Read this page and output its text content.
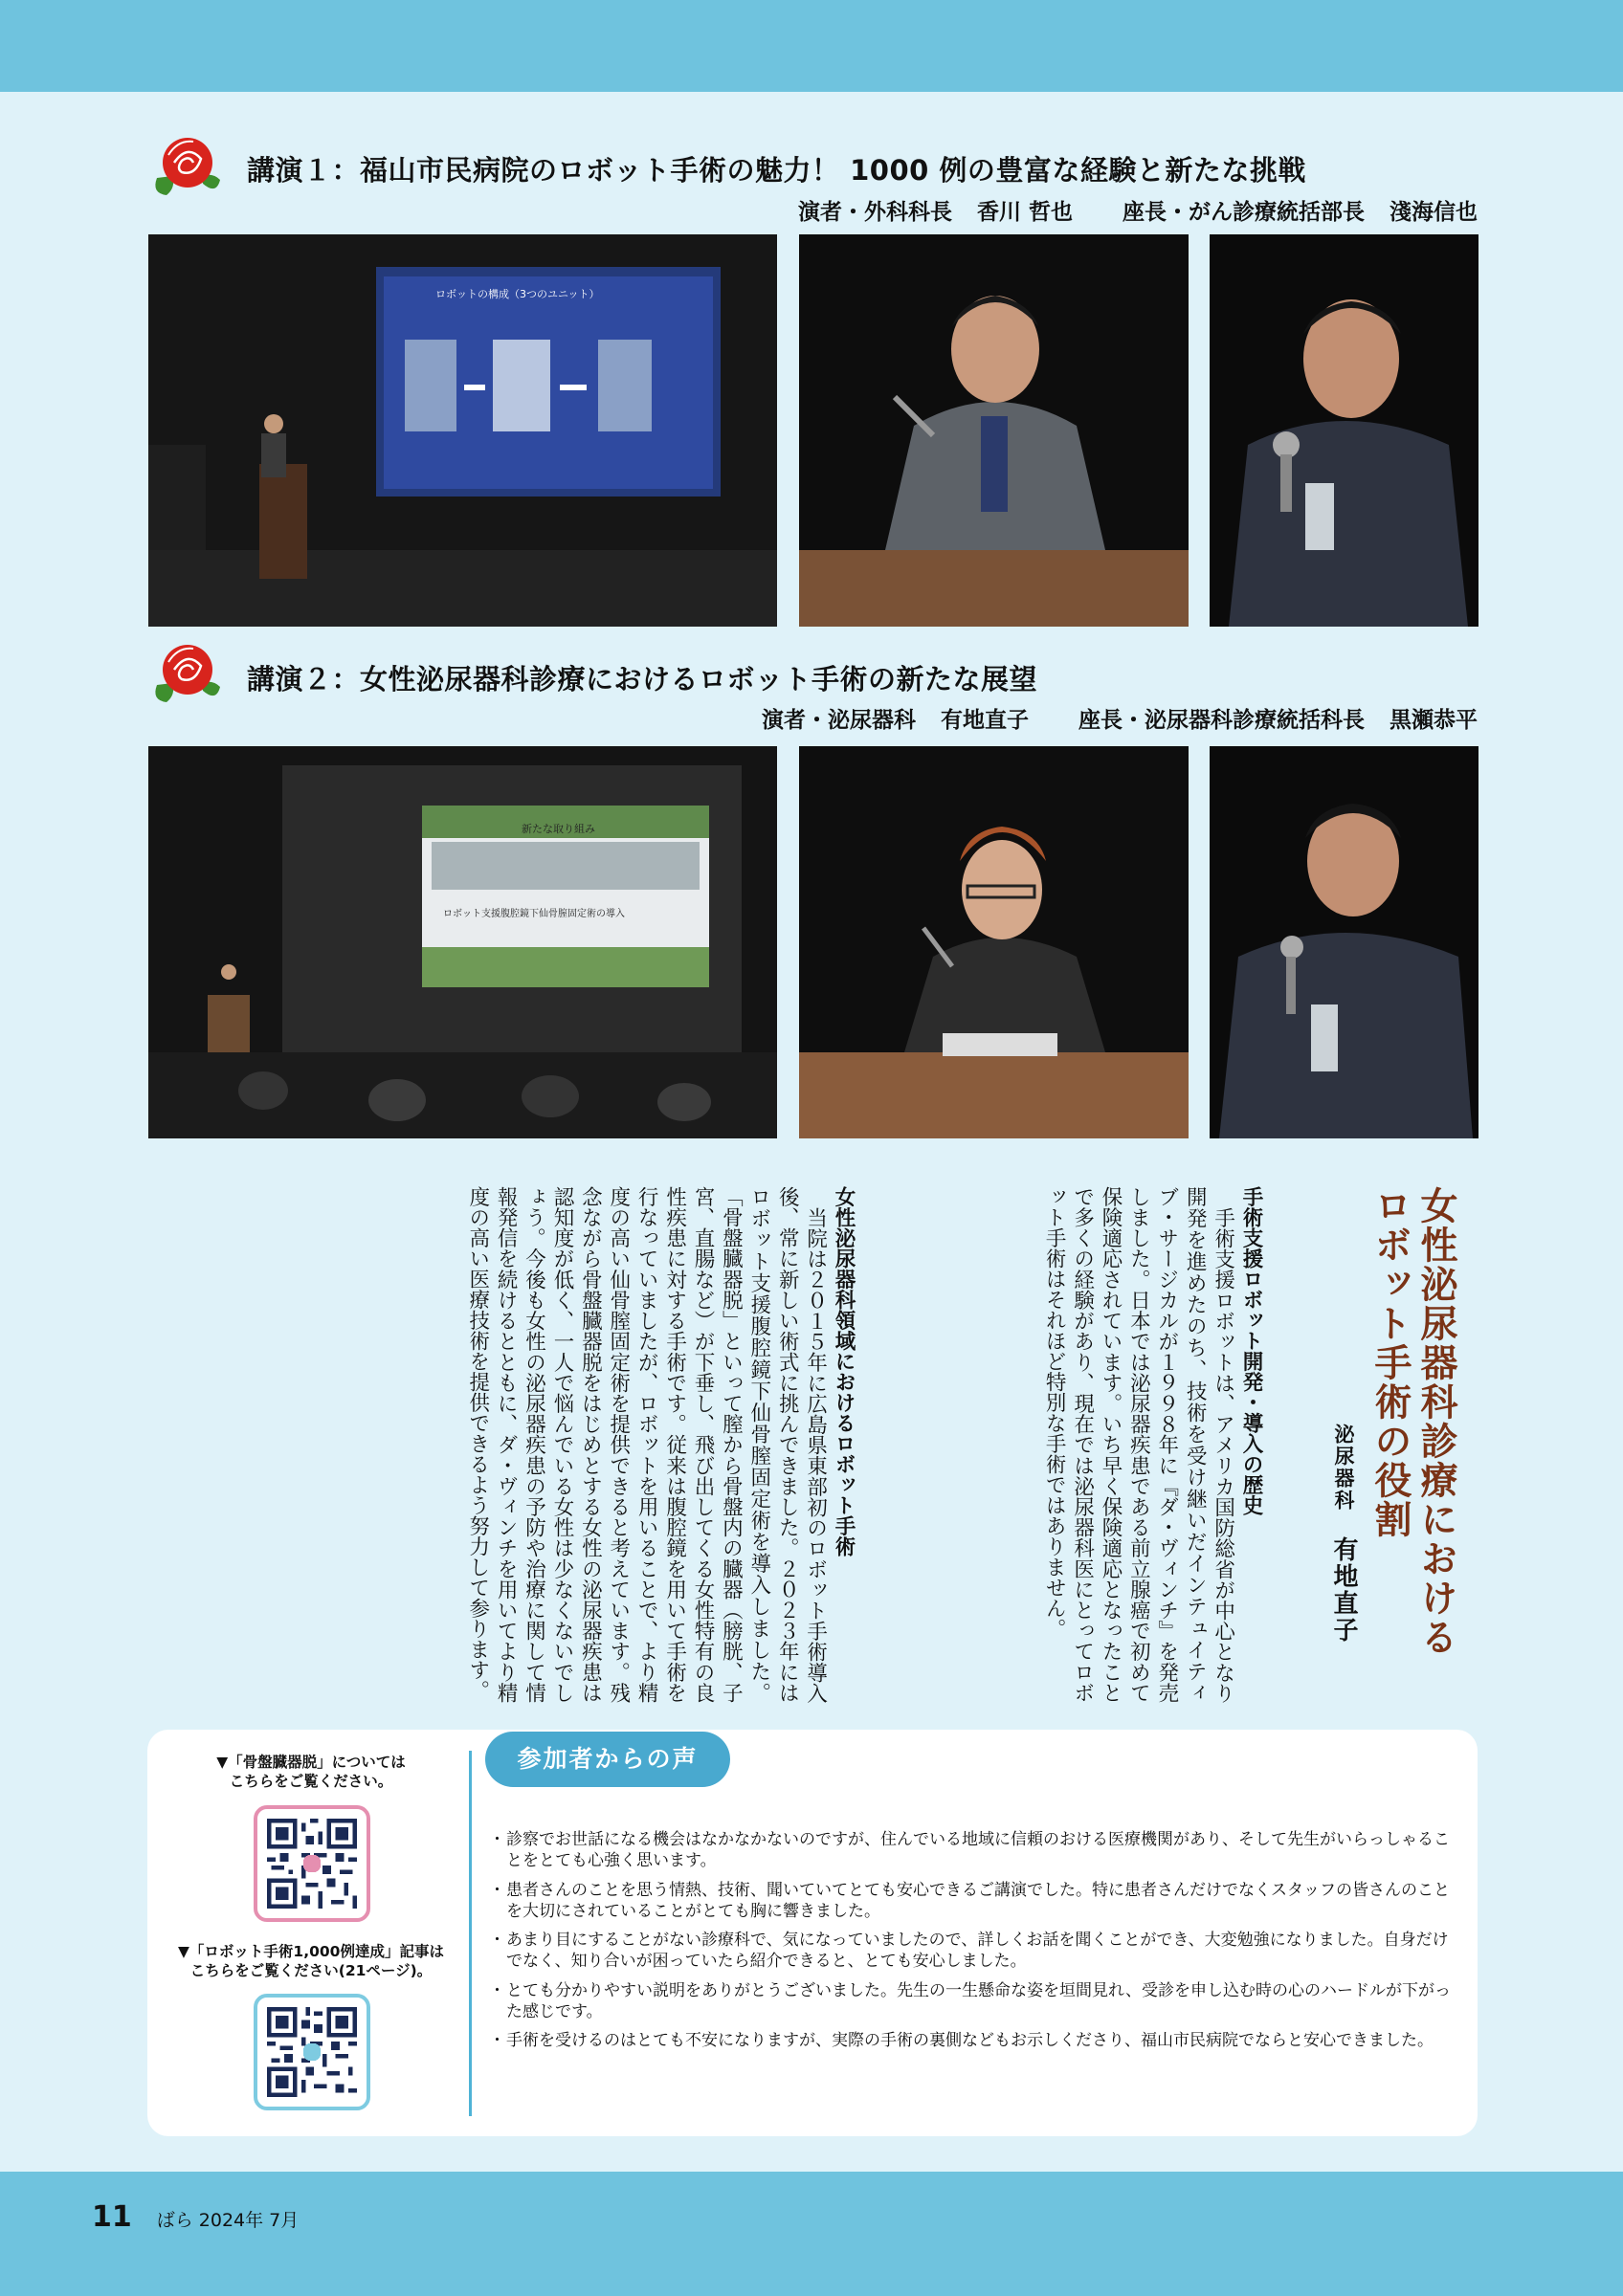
講演１：福山市民病院のロボット手術の魅力！ 1000 例の豊富な経験と新たな挑戦
演者・外科科長 香川 哲也 座長・がん診療統括部長 淺海信也
ロボットの構成（3つのユニット）
講演２：女性泌尿器科診療におけるロボット手術の新たな展望
演者・泌尿器科 有地直子 座長・泌尿器科診療統括科長 黒瀬恭平
新たな取り組み
ロボット支援腹腔鏡下仙骨膣固定術の導入
女性泌尿器科診療における
ロボット手術の役割
泌尿器科有地直子
手術支援ロボット開発・導入の歴史
手術支援ロボットは、アメリカ国防総省が中心となり開発を進めたのち、技術を受け継いだインテュイティブ・サージカルが１９９８年に『ダ・ヴィンチ』を発売しました。日本では泌尿器疾患である前立腺癌で初めて保険適応されています。いち早く保険適応となったことで多くの経験があり、現在では泌尿器科医にとってロボット手術はそれほど特別な手術ではありません。
女性泌尿器科領域におけるロボット手術
当院は２０１５年に広島県東部初のロボット手術導入後、常に新しい術式に挑んできました。２０２３年にはロボット支援腹腔鏡下仙骨膣固定術を導入しました。「骨盤臓器脱」といって膣から骨盤内の臓器（膀胱、子宮、直腸など）が下垂し、飛び出してくる女性特有の良性疾患に対する手術です。従来は腹腔鏡を用いて手術を行なっていましたが、ロボットを用いることで、より精度の高い仙骨膣固定術を提供できると考えています。残念ながら骨盤臓器脱をはじめとする女性の泌尿器疾患は認知度が低く、一人で悩んでいる女性は少なくないでしょう。今後も女性の泌尿器疾患の予防や治療に関して情報発信を続けるとともに、ダ・ヴィンチを用いてより精度の高い医療技術を提供できるよう努力して参ります。
▼「骨盤臓器脱」については
こちらをご覧ください。
▼「ロボット手術1,000例達成」記事は
こちらをご覧ください(21ページ)。
参加者からの声
・ 診察でお世話になる機会はなかなかないのですが、住んでいる地域に信頼のおける医療機関があり、そして先生がいらっしゃることをとても心強く思います。
・ 患者さんのことを思う情熱、技術、聞いていてとても安心できるご講演でした。特に患者さんだけでなくスタッフの皆さんのことを大切にされていることがとても胸に響きました。
・ あまり目にすることがない診療科で、気になっていましたので、詳しくお話を聞くことができ、大変勉強になりました。自身だけでなく、知り合いが困っていたら紹介できると、とても安心しました。
・ とても分かりやすい説明をありがとうございました。先生の一生懸命な姿を垣間見れ、受診を申し込む時の心のハードルが下がった感じです。
・ 手術を受けるのはとても不安になりますが、実際の手術の裏側などもお示しくださり、福山市民病院でならと安心できました。
11 ばら 2024年 7月
